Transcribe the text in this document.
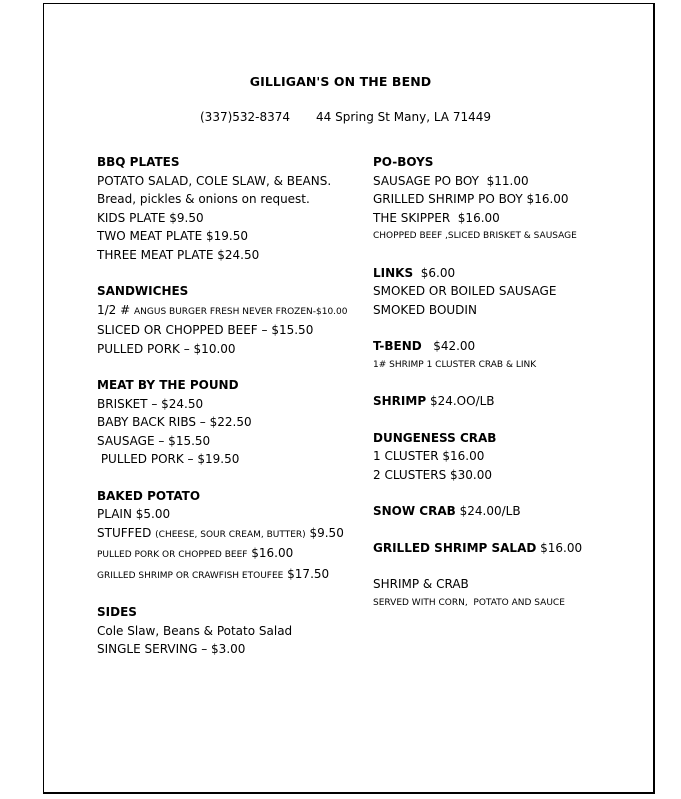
GILLIGAN'S ON THE BEND
(337)532-8374 44 Spring St Many, LA 71449
BBQ PLATES
POTATO SALAD, COLE SLAW, & BEANS.
Bread, pickles & onions on request.
KIDS PLATE $9.50
TWO MEAT PLATE $19.50
THREE MEAT PLATE $24.50
SANDWICHES
1/2 # ANGUS BURGER FRESH NEVER FROZEN-$10.00
SLICED OR CHOPPED BEEF – $15.50
PULLED PORK – $10.00
MEAT BY THE POUND
BRISKET – $24.50
BABY BACK RIBS – $22.50
SAUSAGE – $15.50
PULLED PORK – $19.50
BAKED POTATO
PLAIN $5.00
STUFFED (CHEESE, SOUR CREAM, BUTTER) $9.50
PULLED PORK OR CHOPPED BEEF $16.00
GRILLED SHRIMP OR CRAWFISH ETOUFEE $17.50
SIDES
Cole Slaw, Beans & Potato Salad
SINGLE SERVING – $3.00
PO-BOYS
SAUSAGE PO BOY  $11.00
GRILLED SHRIMP PO BOY $16.00
THE SKIPPER  $16.00
CHOPPED BEEF ,SLICED BRISKET & SAUSAGE
LINKS  $6.00
SMOKED OR BOILED SAUSAGE
SMOKED BOUDIN
T-BEND   $42.00
1# SHRIMP 1 CLUSTER CRAB & LINK
SHRIMP $24.OO/LB
DUNGENESS CRAB
1 CLUSTER $16.00
2 CLUSTERS $30.00
SNOW CRAB $24.00/LB
GRILLED SHRIMP SALAD $16.00
SHRIMP & CRAB
SERVED WITH CORN,  POTATO AND SAUCE
